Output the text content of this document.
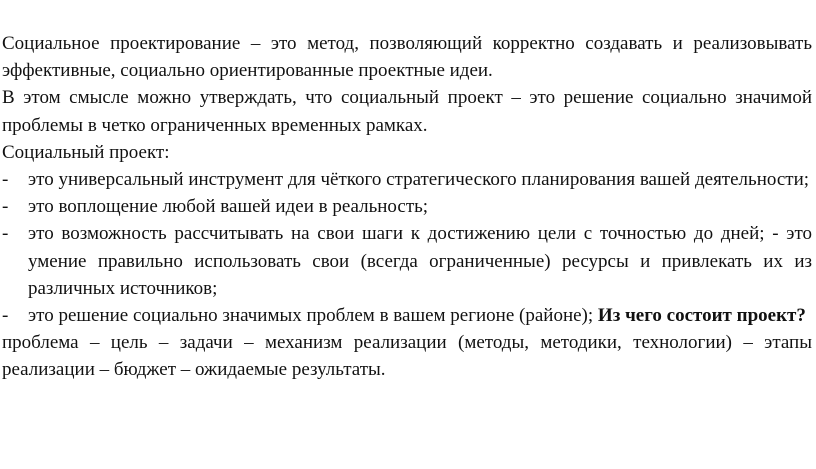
Социальное проектирование – это метод, позволяющий корректно создавать и реализовывать эффективные, социально ориентированные проектные идеи.

В этом смысле можно утверждать, что социальный проект – это решение социально значимой проблемы в четко ограниченных временных рамках.

Социальный проект:

- это универсальный инструмент для чёткого стратегического планирования вашей деятельности;
- это воплощение любой вашей идеи в реальность;
- это возможность рассчитывать на свои шаги к достижению цели с точностью до дней; - это умение правильно использовать свои (всегда ограниченные) ресурсы и привлекать их из различных источников;
- это решение социально значимых проблем в вашем регионе (районе); Из чего состоит проект?

проблема – цель – задачи – механизм реализации (методы, методики, технологии) – этапы реализации – бюджет – ожидаемые результаты.
